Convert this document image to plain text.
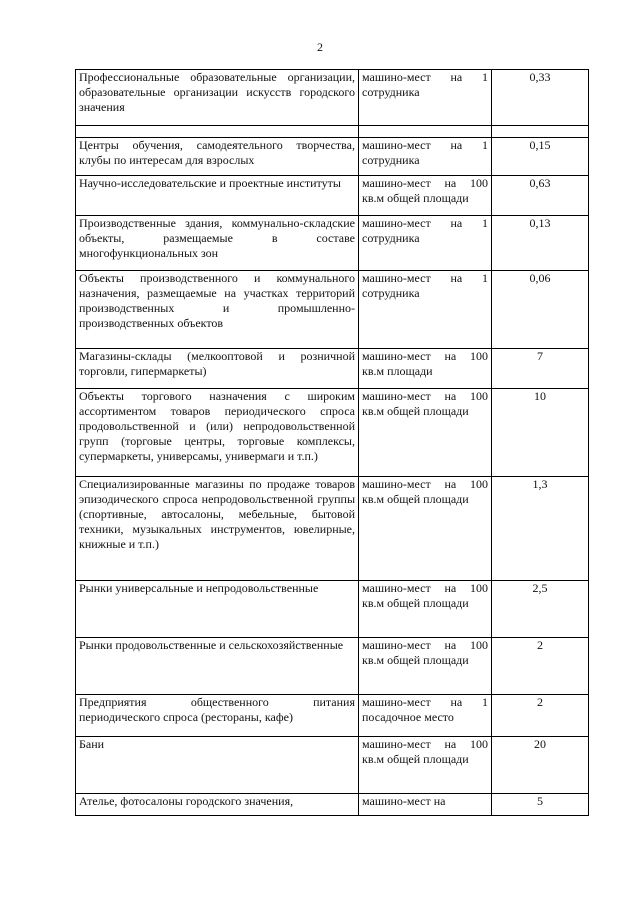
2
Профессиональные образовательные организации, образовательные организации искусств городского значения	машино-мест на 1 сотрудника	0,33

Центры обучения, самодеятельного творчества, клубы по интересам для взрослых	машино-мест на 1 сотрудника	0,15
Научно-исследовательские и проектные институты	машино-мест на 100 кв.м общей площади	0,63
Производственные здания, коммунально-складские объекты, размещаемые в составе многофункциональных зон	машино-мест на 1 сотрудника	0,13
Объекты производственного и коммунального назначения, размещаемые на участках территорий производственных и промышленно-производственных объектов	машино-мест на 1 сотрудника	0,06
Магазины-склады (мелкооптовой и розничной торговли, гипермаркеты)	машино-мест на 100 кв.м площади	7
Объекты торгового назначения с широким ассортиментом товаров периодического спроса продовольственной и (или) непродовольственной групп (торговые центры, торговые комплексы, супермаркеты, универсамы, универмаги и т.п.)	машино-мест на 100 кв.м общей площади	10
Специализированные магазины по продаже товаров эпизодического спроса непродовольственной группы (спортивные, автосалоны, мебельные, бытовой техники, музыкальных инструментов, ювелирные, книжные и т.п.)	машино-мест на 100 кв.м общей площади	1,3
Рынки универсальные и непродовольственные	машино-мест на 100 кв.м общей площади	2,5
Рынки продовольственные и сельскохозяйственные	машино-мест на 100 кв.м общей площади	2
Предприятия общественного питания периодического спроса (рестораны, кафе)	машино-мест на 1 посадочное место	2
Бани	машино-мест на 100 кв.м общей площади	20
Ателье, фотосалоны городского значения,	машино-мест на	5
